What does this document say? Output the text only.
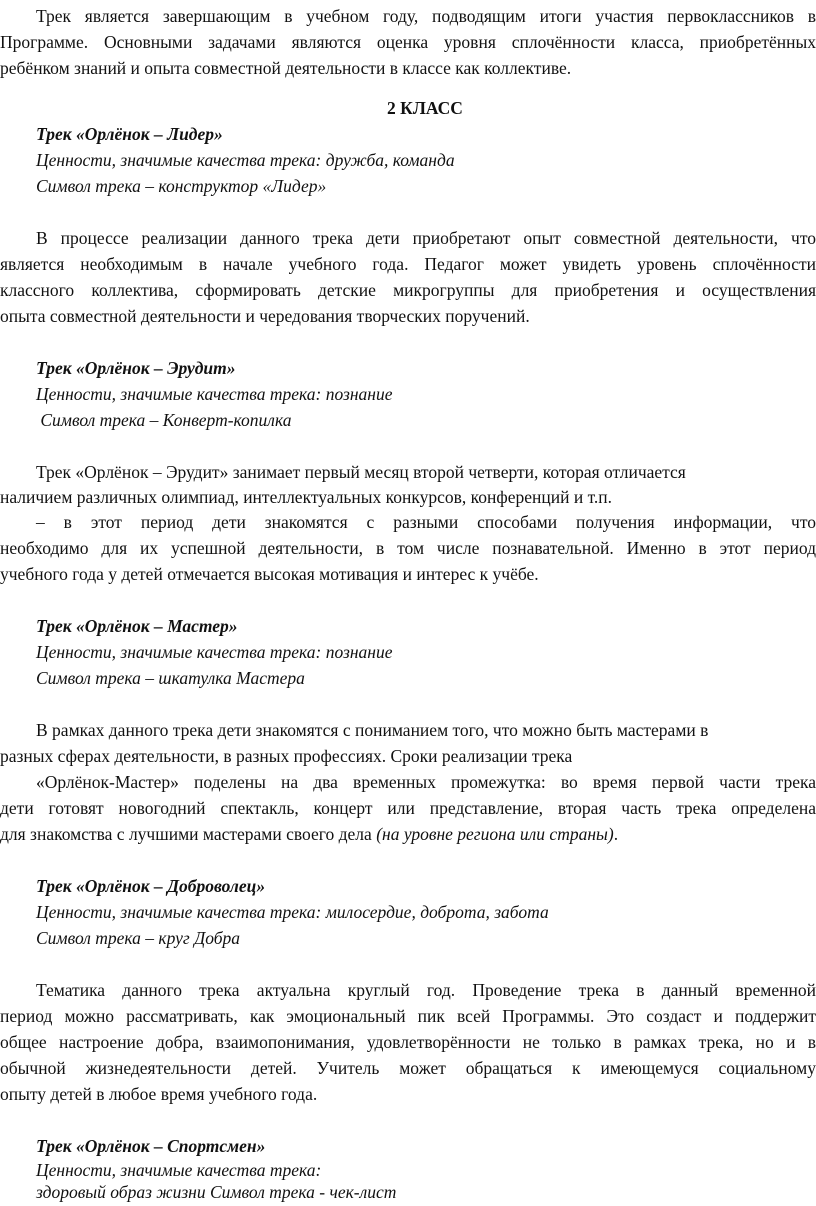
Трек является завершающим в учебном году, подводящим итоги участия первоклассников в
Программе. Основными задачами являются оценка уровня сплочённости класса, приобретённых
ребёнком знаний и опыта совместной деятельности в классе как коллективе.
2 КЛАСС
Трек «Орлёнок – Лидер»
Ценности, значимые качества трека: дружба, команда
Символ трека – конструктор «Лидер»
В процессе реализации данного трека дети приобретают опыт совместной деятельности, что
является необходимым в начале учебного года. Педагог может увидеть уровень сплочённости
классного коллектива, сформировать детские микрогруппы для приобретения и осуществления
опыта совместной деятельности и чередования творческих поручений.
Трек «Орлёнок – Эрудит»
Ценности, значимые качества трека: познание
Символ трека – Конверт-копилка
Трек «Орлёнок – Эрудит» занимает первый месяц второй четверти, которая отличается
наличием различных олимпиад, интеллектуальных конкурсов, конференций и т.п.
– в этот период дети знакомятся с разными способами получения информации, что
необходимо для их успешной деятельности, в том числе познавательной. Именно в этот период
учебного года у детей отмечается высокая мотивация и интерес к учёбе.
Трек «Орлёнок – Мастер»
Ценности, значимые качества трека: познание
Символ трека – шкатулка Мастера
В рамках данного трека дети знакомятся с пониманием того, что можно быть мастерами в
разных сферах деятельности, в разных профессиях. Сроки реализации трека
«Орлёнок-Мастер» поделены на два временных промежутка: во время первой части трека
дети готовят новогодний спектакль, концерт или представление, вторая часть трека определена
для знакомства с лучшими мастерами своего дела (на уровне региона или страны).
Трек «Орлёнок – Доброволец»
Ценности, значимые качества трека: милосердие, доброта, забота
Символ трека – круг Добра
Тематика данного трека актуальна круглый год. Проведение трека в данный временной
период можно рассматривать, как эмоциональный пик всей Программы. Это создаст и поддержит
общее настроение добра, взаимопонимания, удовлетворённости не только в рамках трека, но и в
обычной жизнедеятельности детей. Учитель может обращаться к имеющемуся социальному
опыту детей в любое время учебного года.
Трек «Орлёнок – Спортсмен»
Ценности, значимые качества трека:
здоровый образ жизни Символ трека - чек-лист
